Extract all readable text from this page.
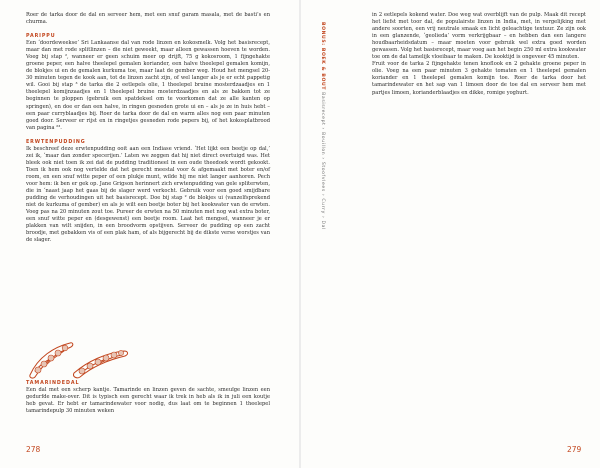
Roer de tarka door de dal en serveer hem, met een snuf garam masala, met de basti’s en churma.

PARIPPU

Een ‘doordeweekse’ Sri Lankaanse dal van rode linzen en kokosmelk. Volg het basisrecept, maar dan met rode splitlinzen – die niet geweekt, maar alleen gewassen hoeven te worden. Voeg bij stap ², wanneer er geen schuim meer op drijft, 75 g kokosroom, 1 fijngehakte groene peper, een halve theelepel gemalen koriander, een halve theelepel gemalen komijn, de blokjes ui en de gemalen kurkuma toe, maar laat de gember weg. Houd het mengsel 20-30 minuten tegen de kook aan, tot de linzen zacht zijn, of wel langer als je er echt pappetig wil. Gooi bij stap ³ de tarka die 2 eetlepels olie, 1 theelepel bruine mosterdzaadjes en 1 theelepel komijnzaadjes en 1 theelepel bruine mosterdzaadjes en als ze bakken tot ze beginnen te ploppen (gebruik een spatdeksel om te voorkomen dat ze alle kanten op springen), en doe er dan een halve, in ringen gesneden grote ui en – als je ze in huis hebt – een paar curryblaadjes bij. Roer de tarka door de dal en warm alles nog een paar minuten goed door. Serveer er rijst en in ringetjes gesneden rode pepers bij, of het kokosplatbrood van pagina ²³.

ERWTENPUDDING

Ik beschreef deze erwtenpudding ooit aan een Indiase vriend. ‘Het lijkt een beetje op dal,’ zei ik, ‘maar dan zonder specerijen.’ Laten we zeggen dat hij niet direct overtuigd was. Het bleek ook niet toen ik zei dat de pudding traditioneel in een oude theedoek wordt gekookt. Toen ik hem ook nog vertelde dat het gerecht meestal voor & afgemaakt met boter en/of room, en een snuf witte peper of een plukje munt, wilde hij me niet langer aanhoren. Pech voor hem: ik ben er gek op. Jane Grigson herinnert zich erwtenpudding van gele spliterwten, die in ‘naast jaap het gaas bij de slager werd verkocht. Gebruik voor een goed smijdbare pudding de verhoudingen uit het basisrecept. Doe bij stap ² de blokjes ui (vanzelfsprekend niet de kurkuma of gember) en als je wilt een beetje boter bij het kookwater van de erwten. Voeg pas na 20 minuten zout toe. Pureer de erwten na 50 minuten met nog wat extra boter, een snuf witte peper en (desgewenst) een beetje room. Laat het mengsel, wanneer je er plakken van wilt snijden, in een broodvorm opstijven. Serveer de pudding op een zacht broodje, met gebakken vis of een plak ham, of als bijgerecht bij de dikste verse worstjes van de slager.

TAMARINDEDAL

Een dal met een scherp kantje. Tamarinde en linzen geven de sachte, smeuïge linzen een gedurfde make-over. Dit is typisch een gerecht waar ik trek in heb als ik in juli een koutje heb gevat. Er hebt er tamarindewater voor nodig, dus laat om te beginnen 1 theelepel tamarindepulp 30 minuten weken

278
BONUS: BOEK & BOUT Basisrecept › Bouillon › Stoofvlees › Curry › Dal

in 2 eetlepels kokend water. Doe weg wat overblijft van de pulp. Maak dit recept het liefst met toor dal, de populairste linzen in India, met, in vergelijking met andere soorten, een vrij neutrale smaak en licht geleachtige textuur. Ze zijn ook in een glanzende, ‘geolieda’ vorm verkrijgbaar – en hebben dan een langere houdbaarheidsdatum – maar moeten voor gebruik wel extra goed worden gewassen. Volg het basisrecept, maar voeg aan het begin 250 ml extra kookwater toe om de dal tamelijk vloeibaar te maken. De kooktijd is ongeveer 45 minuten.

Fruit voor de tarka 2 fijngehakte tenen knoflook en 2 gehakte groene peper in olie. Voeg na een paar minuten 3 gehakte tomaten en 1 theelepel gemalen koriander en 1 theelepel gemalen komijn toe. Roer de tarka door het tamarindewater en het sap van 1 limoen door de toe dal en serveer hem met partjes limoen, korianderblaadjes en dikke, romige yoghurt.

279
